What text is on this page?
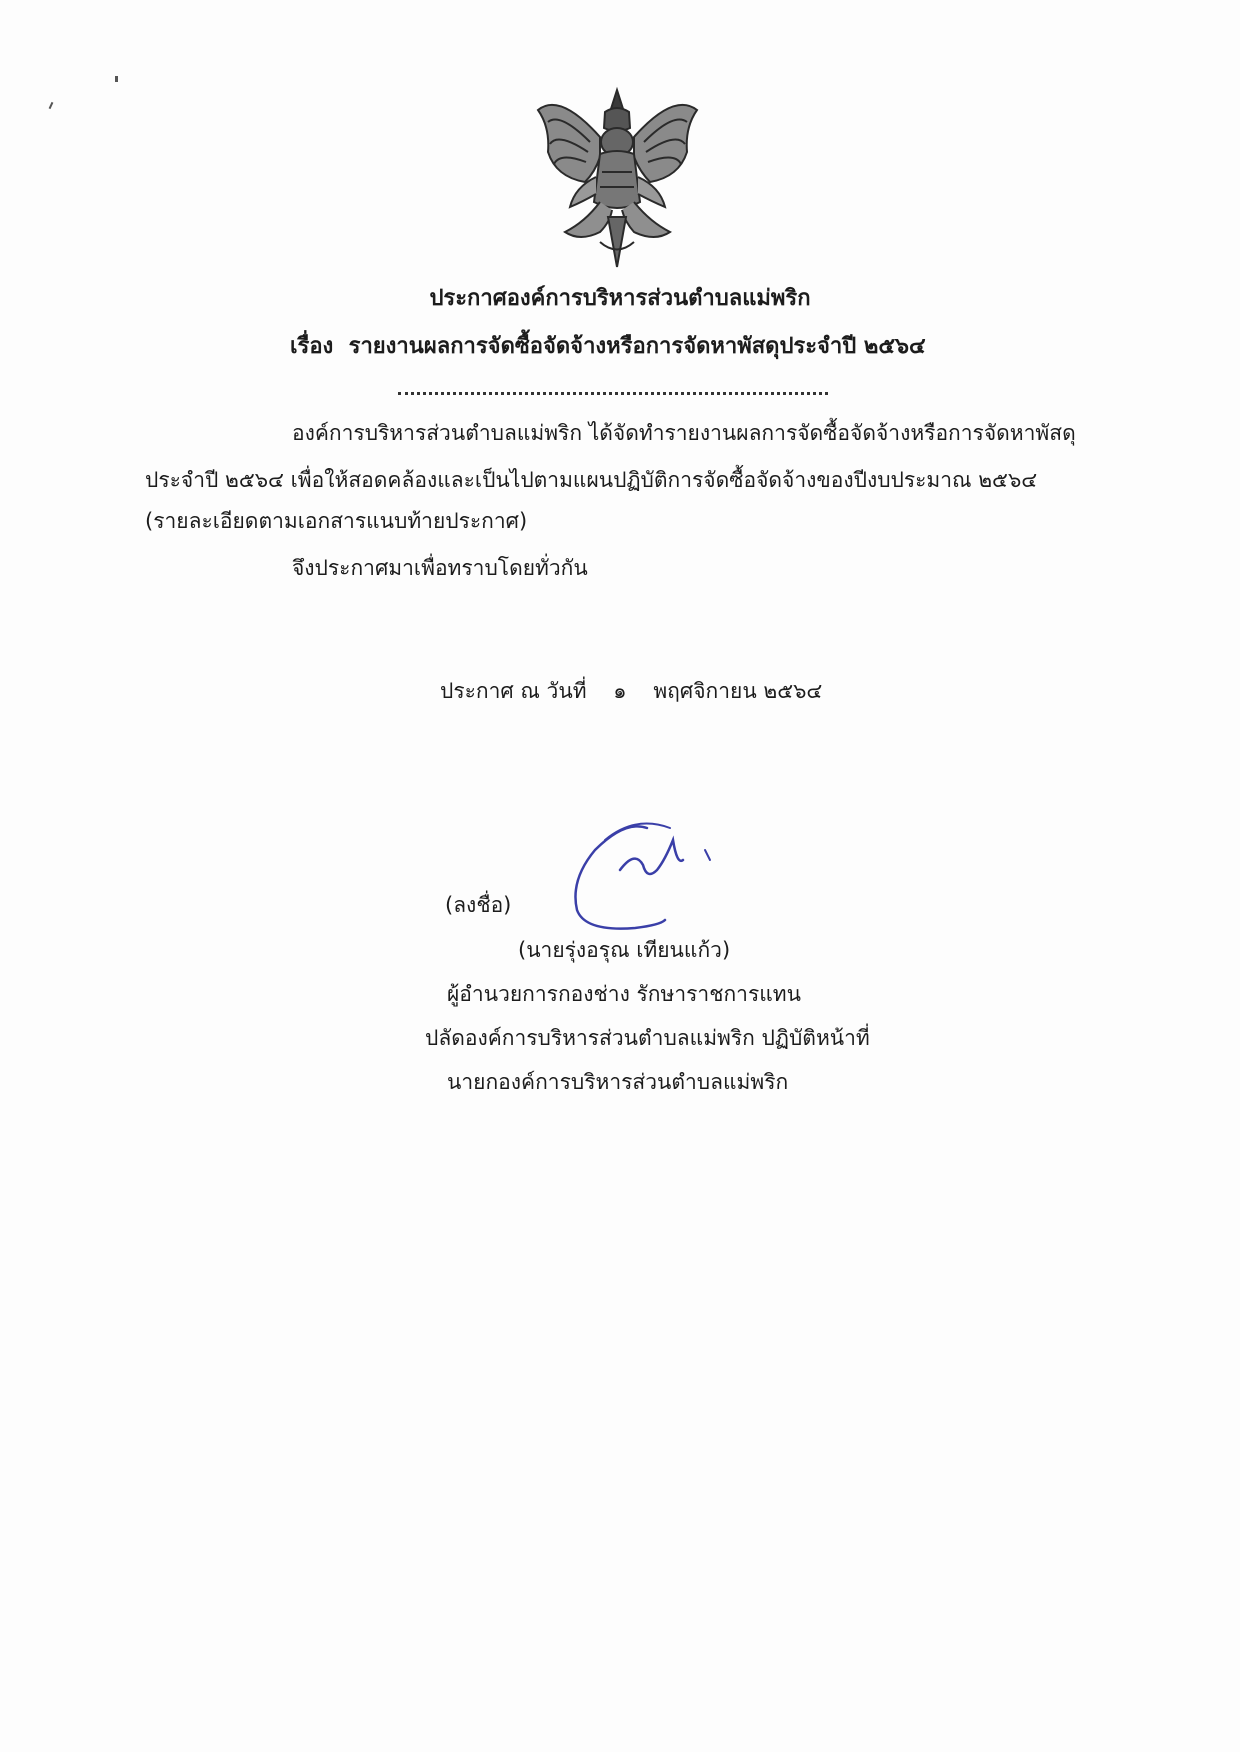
ประกาศองค์การบริหารส่วนตำบลแม่พริก
เรื่อง รายงานผลการจัดซื้อจัดจ้างหรือการจัดหาพัสดุประจำปี ๒๕๖๔
องค์การบริหารส่วนตำบลแม่พริก ได้จัดทำรายงานผลการจัดซื้อจัดจ้างหรือการจัดหาพัสดุ
ประจำปี ๒๕๖๔ เพื่อให้สอดคล้องและเป็นไปตามแผนปฏิบัติการจัดซื้อจัดจ้างของปีงบประมาณ ๒๕๖๔
(รายละเอียดตามเอกสารแนบท้ายประกาศ)
จึงประกาศมาเพื่อทราบโดยทั่วกัน
ประกาศ ณ วันที่ ๑ พฤศจิกายน ๒๕๖๔
(ลงชื่อ)
(นายรุ่งอรุณ เทียนแก้ว)
ผู้อำนวยการกองช่าง รักษาราชการแทน
ปลัดองค์การบริหารส่วนตำบลแม่พริก ปฏิบัติหน้าที่
นายกองค์การบริหารส่วนตำบลแม่พริก
